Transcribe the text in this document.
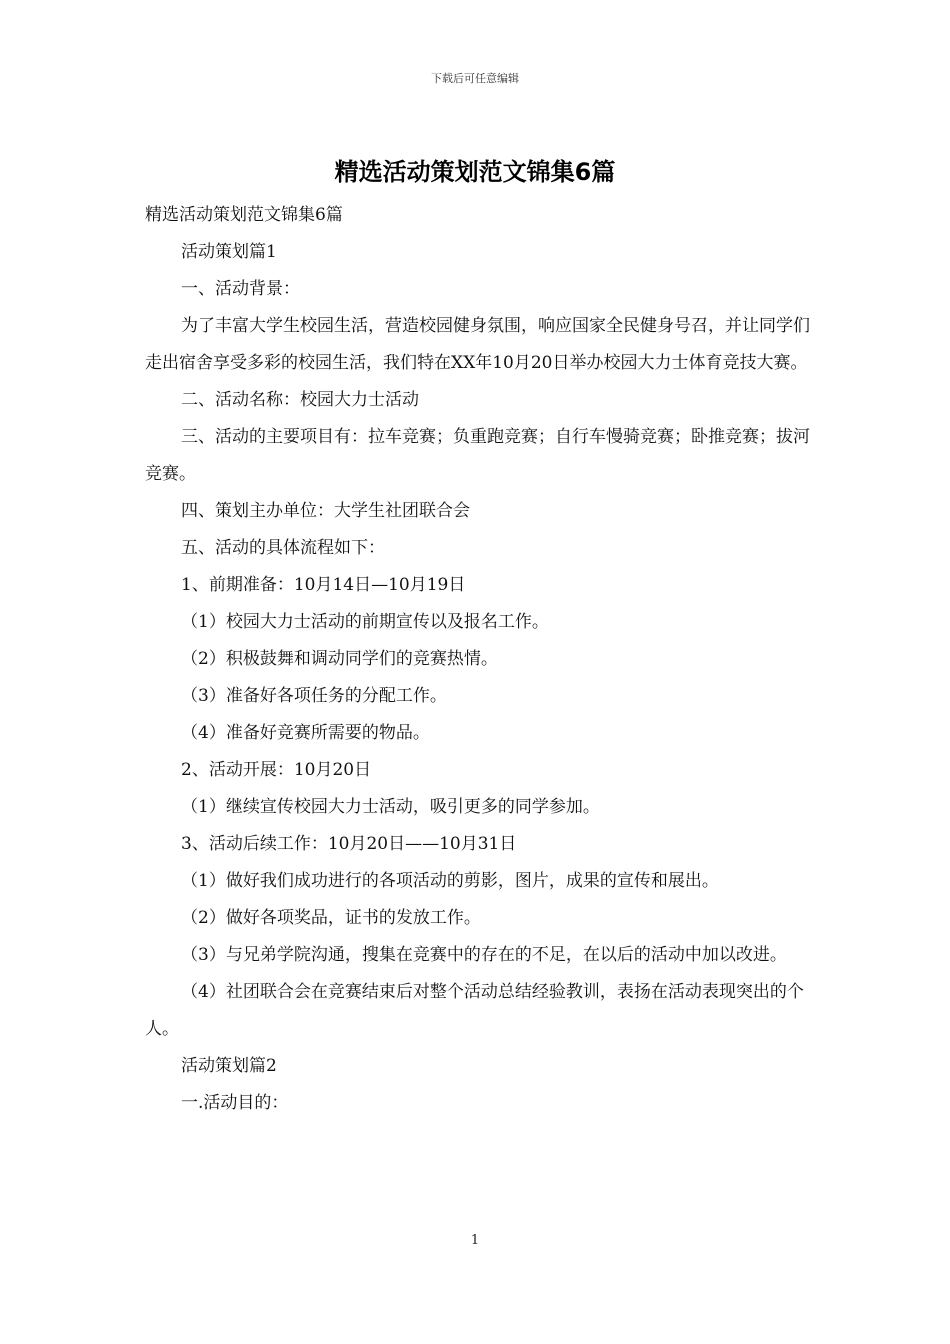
下载后可任意编辑
精选活动策划范文锦集6篇

精选活动策划范文锦集6篇

活动策划篇1

一、活动背景：

为了丰富大学生校园生活，营造校园健身氛围，响应国家全民健身号召，并让同学们走出宿舍享受多彩的校园生活，我们特在XX年10月20日举办校园大力士体育竞技大赛。

二、活动名称：校园大力士活动

三、活动的主要项目有：拉车竞赛；负重跑竞赛；自行车慢骑竞赛；卧推竞赛；拔河竞赛。

四、策划主办单位：大学生社团联合会

五、活动的具体流程如下：

1、前期准备：10月14日—10月19日

（1）校园大力士活动的前期宣传以及报名工作。

（2）积极鼓舞和调动同学们的竞赛热情。

（3）准备好各项任务的分配工作。

（4）准备好竞赛所需要的物品。

2、活动开展：10月20日

（1）继续宣传校园大力士活动，吸引更多的同学参加。

3、活动后续工作：10月20日——10月31日

（1）做好我们成功进行的各项活动的剪影，图片，成果的宣传和展出。

（2）做好各项奖品，证书的发放工作。

（3）与兄弟学院沟通，搜集在竞赛中的存在的不足，在以后的活动中加以改进。

（4）社团联合会在竞赛结束后对整个活动总结经验教训，表扬在活动表现突出的个人。

活动策划篇2

一.活动目的：

1
